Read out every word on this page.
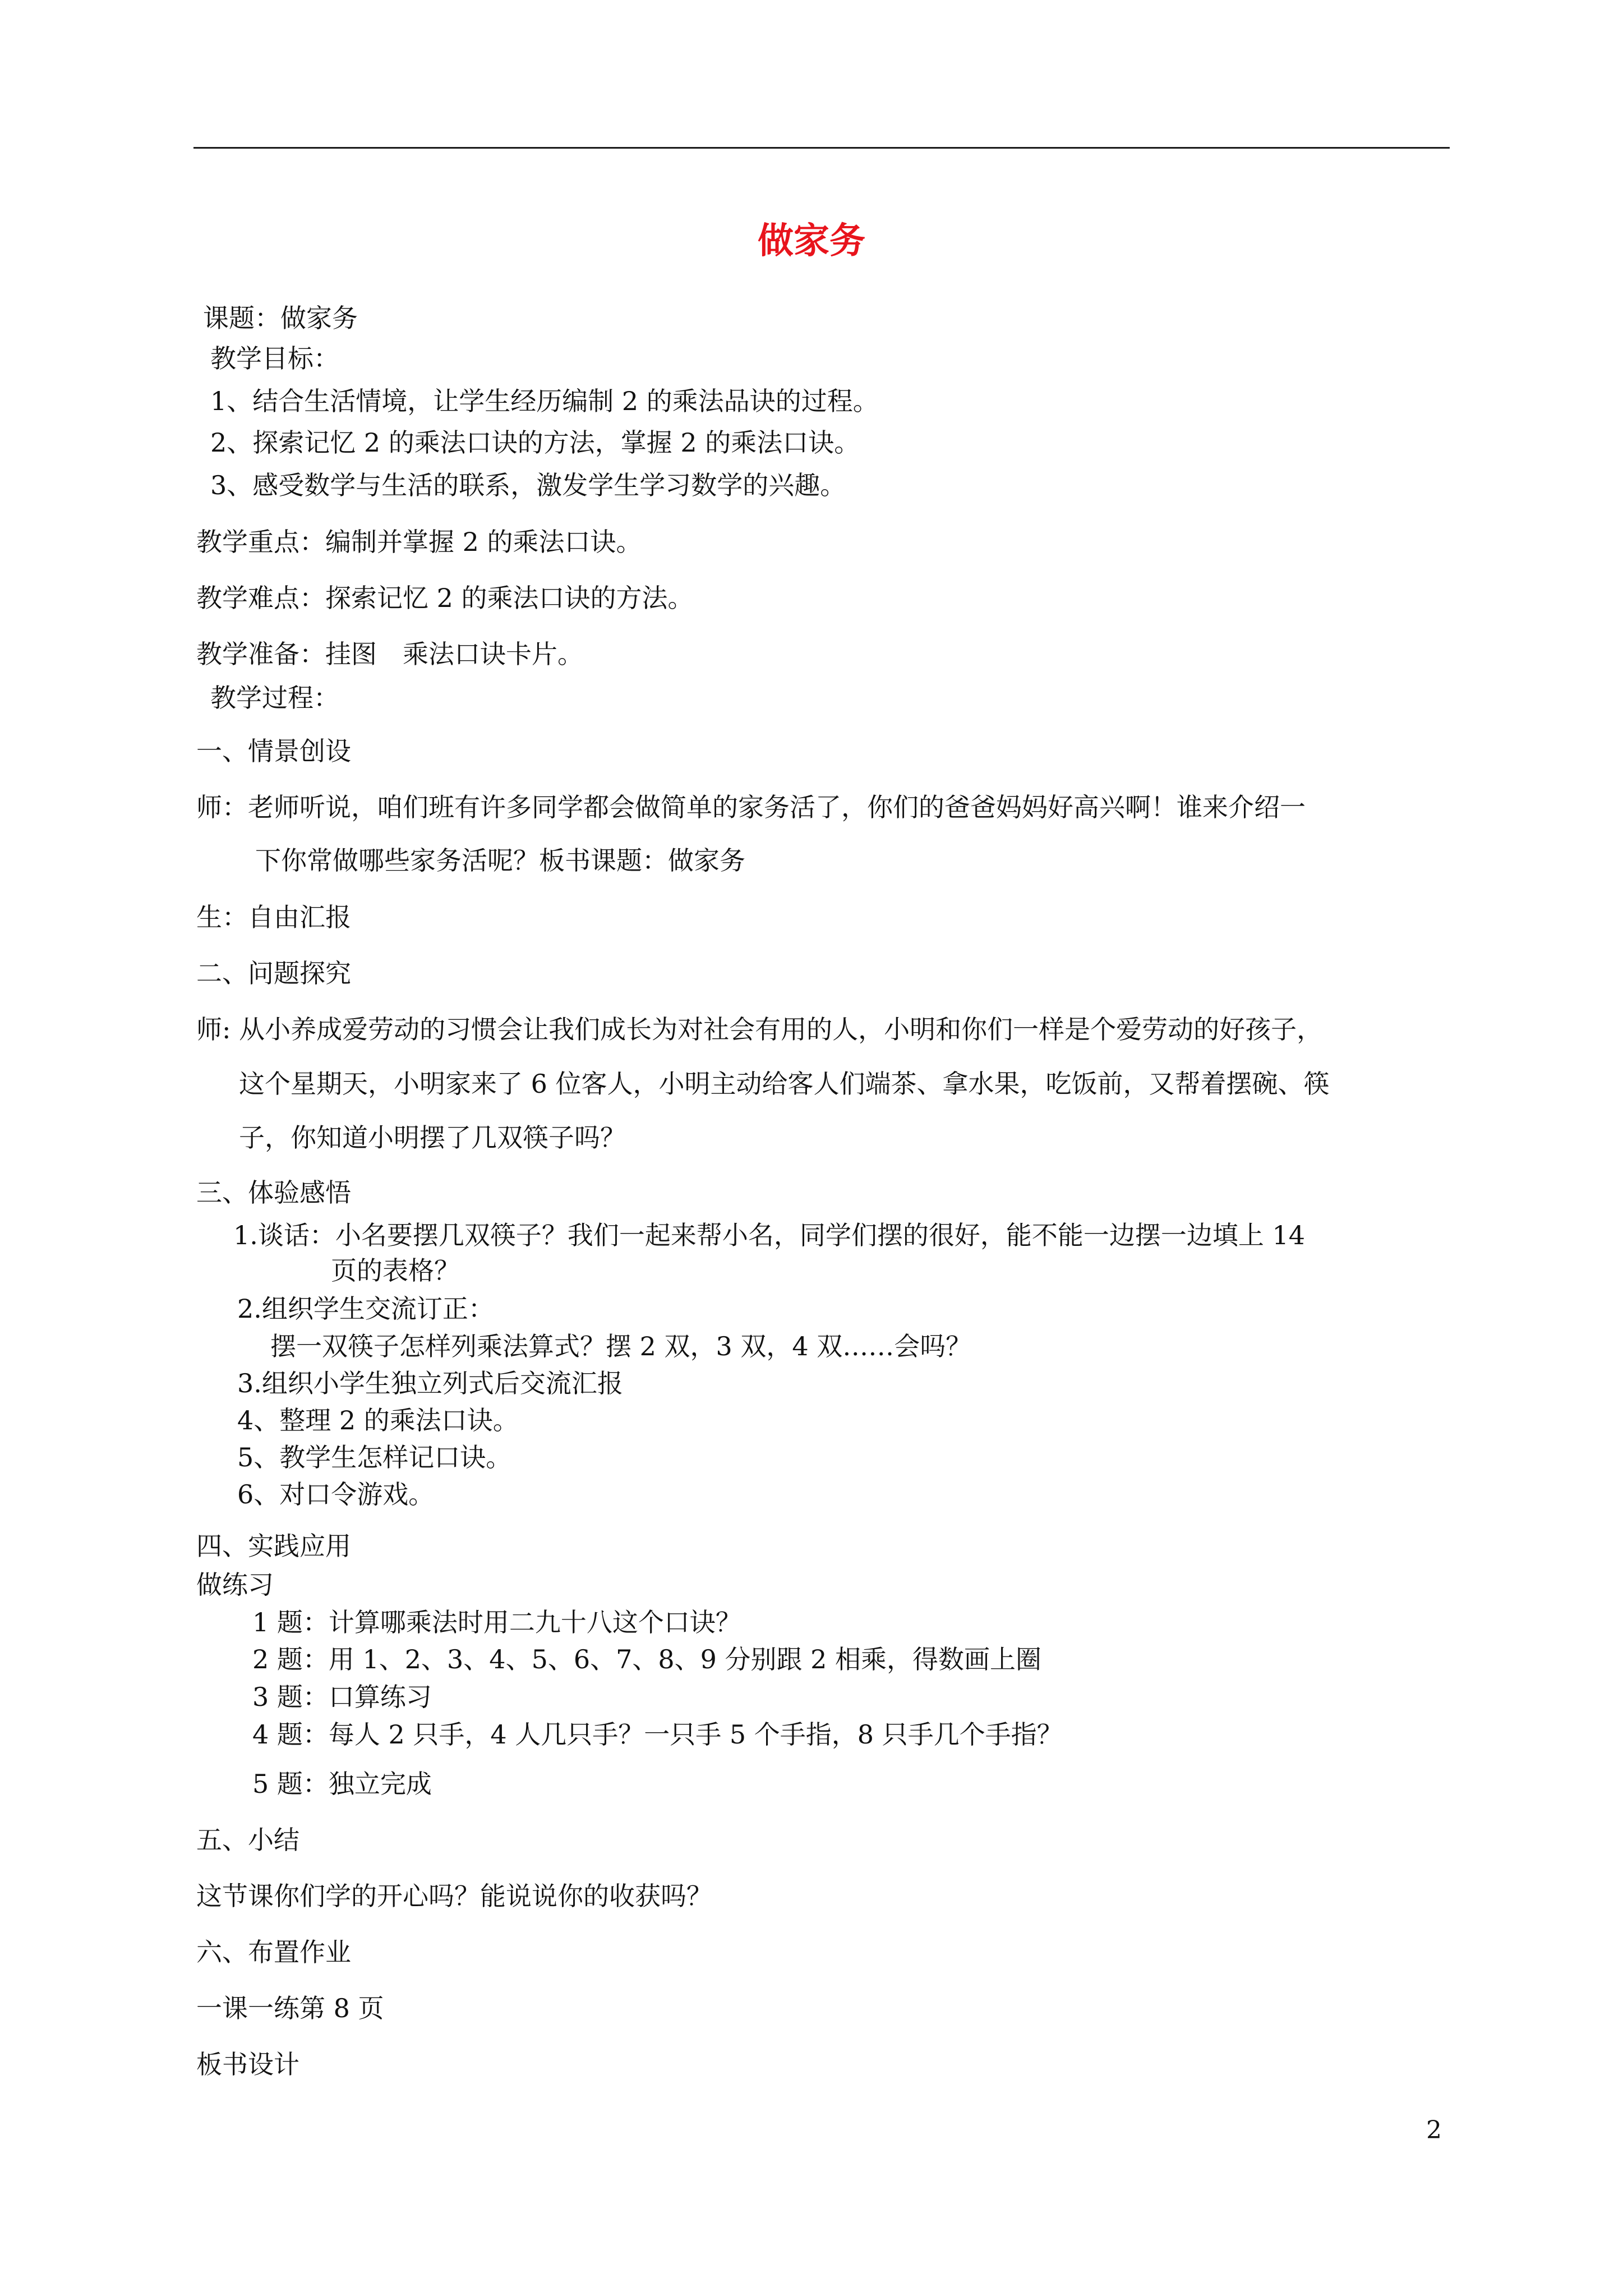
做家务
课题：做家务
教学目标：
1、结合生活情境，让学生经历编制 2 的乘法品诀的过程。
2、探索记忆 2 的乘法口诀的方法，掌握 2 的乘法口诀。
3、感受数学与生活的联系，激发学生学习数学的兴趣。
教学重点：编制并掌握 2 的乘法口诀。
教学难点：探索记忆 2 的乘法口诀的方法。
教学准备：挂图　乘法口诀卡片。
教学过程：
一、情景创设
师：老师听说，咱们班有许多同学都会做简单的家务活了，你们的爸爸妈妈好高兴啊！谁来介绍一
下你常做哪些家务活呢？板书课题：做家务
生：自由汇报
二、问题探究
师: 从小养成爱劳动的习惯会让我们成长为对社会有用的人，小明和你们一样是个爱劳动的好孩子，
这个星期天，小明家来了 6 位客人，小明主动给客人们端茶、拿水果，吃饭前，又帮着摆碗、筷
子，你知道小明摆了几双筷子吗？
三、体验感悟
1.谈话：小名要摆几双筷子？我们一起来帮小名，同学们摆的很好，能不能一边摆一边填上 14
页的表格？
2.组织学生交流订正：
摆一双筷子怎样列乘法算式？摆 2 双，3 双，4 双……会吗？
3.组织小学生独立列式后交流汇报
4、整理 2 的乘法口诀。
5、教学生怎样记口诀。
6、对口令游戏。
四、实践应用
做练习
1 题：计算哪乘法时用二九十八这个口诀？
2 题：用 1、2、3、4、5、6、7、8、9 分别跟 2 相乘，得数画上圈
3 题：口算练习
4 题：每人 2 只手，4 人几只手？一只手 5 个手指，8 只手几个手指？
5 题：独立完成
五、小结
这节课你们学的开心吗？能说说你的收获吗？
六、布置作业
一课一练第 8 页
板书设计
2
